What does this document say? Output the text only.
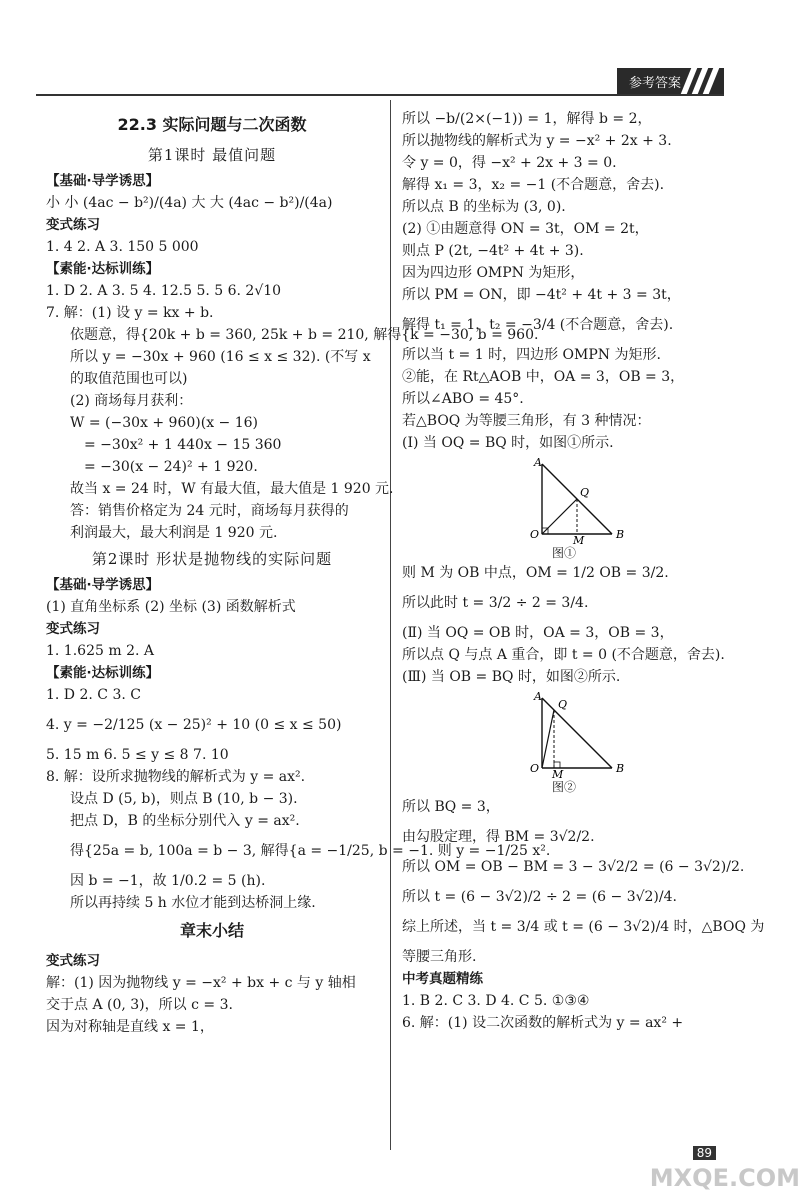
参考答案
22.3 实际问题与二次函数
第1课时 最值问题
【基础·导学诱思】
小 小 (4ac − b²)/(4a) 大 大 (4ac − b²)/(4a)
变式练习
1. 4 2. A 3. 150 5 000
【素能·达标训练】
1. D 2. A 3. 5 4. 12.5 5. 5 6. 2√10
7. 解：(1) 设 y = kx + b.
依题意，得{20k + b = 360, 25k + b = 210, 解得{k = −30, b = 960.
所以 y = −30x + 960 (16 ≤ x ≤ 32). (不写 x
的取值范围也可以)
(2) 商场每月获利：
W = (−30x + 960)(x − 16)
= −30x² + 1 440x − 15 360
= −30(x − 24)² + 1 920.
故当 x = 24 时，W 有最大值，最大值是 1 920 元.
答：销售价格定为 24 元时，商场每月获得的
利润最大，最大利润是 1 920 元.
第2课时 形状是抛物线的实际问题
【基础·导学诱思】
(1) 直角坐标系 (2) 坐标 (3) 函数解析式
变式练习
1. 1.625 m 2. A
【素能·达标训练】
1. D 2. C 3. C
4. y = −2/125 (x − 25)² + 10 (0 ≤ x ≤ 50)
5. 15 m 6. 5 ≤ y ≤ 8 7. 10
8. 解：设所求抛物线的解析式为 y = ax².
设点 D (5, b)，则点 B (10, b − 3).
把点 D，B 的坐标分别代入 y = ax².
得{25a = b, 100a = b − 3, 解得{a = −1/25, b = −1. 则 y = −1/25 x².
因 b = −1，故 1/0.2 = 5 (h).
所以再持续 5 h 水位才能到达桥洞上缘.
章末小结
变式练习
解：(1) 因为抛物线 y = −x² + bx + c 与 y 轴相
交于点 A (0, 3)，所以 c = 3.
因为对称轴是直线 x = 1，
所以 −b/(2×(−1)) = 1，解得 b = 2，
所以抛物线的解析式为 y = −x² + 2x + 3.
令 y = 0，得 −x² + 2x + 3 = 0.
解得 x₁ = 3，x₂ = −1 (不合题意，舍去).
所以点 B 的坐标为 (3, 0).
(2) ①由题意得 ON = 3t，OM = 2t，
则点 P (2t, −4t² + 4t + 3).
因为四边形 OMPN 为矩形，
所以 PM = ON，即 −4t² + 4t + 3 = 3t，
解得 t₁ = 1，t₂ = −3/4 (不合题意，舍去).
所以当 t = 1 时，四边形 OMPN 为矩形.
②能，在 Rt△AOB 中，OA = 3，OB = 3，
所以∠ABO = 45°.
若△BOQ 为等腰三角形，有 3 种情况：
(Ⅰ) 当 OQ = BQ 时，如图①所示.
A
Q
O	M	B
图①
则 M 为 OB 中点，OM = 1/2 OB = 3/2.
所以此时 t = 3/2 ÷ 2 = 3/4.
(Ⅱ) 当 OQ = OB 时，OA = 3，OB = 3，
所以点 Q 与点 A 重合，即 t = 0 (不合题意，舍去).
(Ⅲ) 当 OB = BQ 时，如图②所示.
A
Q
O M	B
图②
所以 BQ = 3，
由勾股定理，得 BM = 3√2/2.
所以 OM = OB − BM = 3 − 3√2/2 = (6 − 3√2)/2.
所以 t = (6 − 3√2)/2 ÷ 2 = (6 − 3√2)/4.
综上所述，当 t = 3/4 或 t = (6 − 3√2)/4 时，△BOQ 为
等腰三角形.
中考真题精练
1. B 2. C 3. D 4. C 5. ①③④
6. 解：(1) 设二次函数的解析式为 y = ax² +
89
MXQE.COM
